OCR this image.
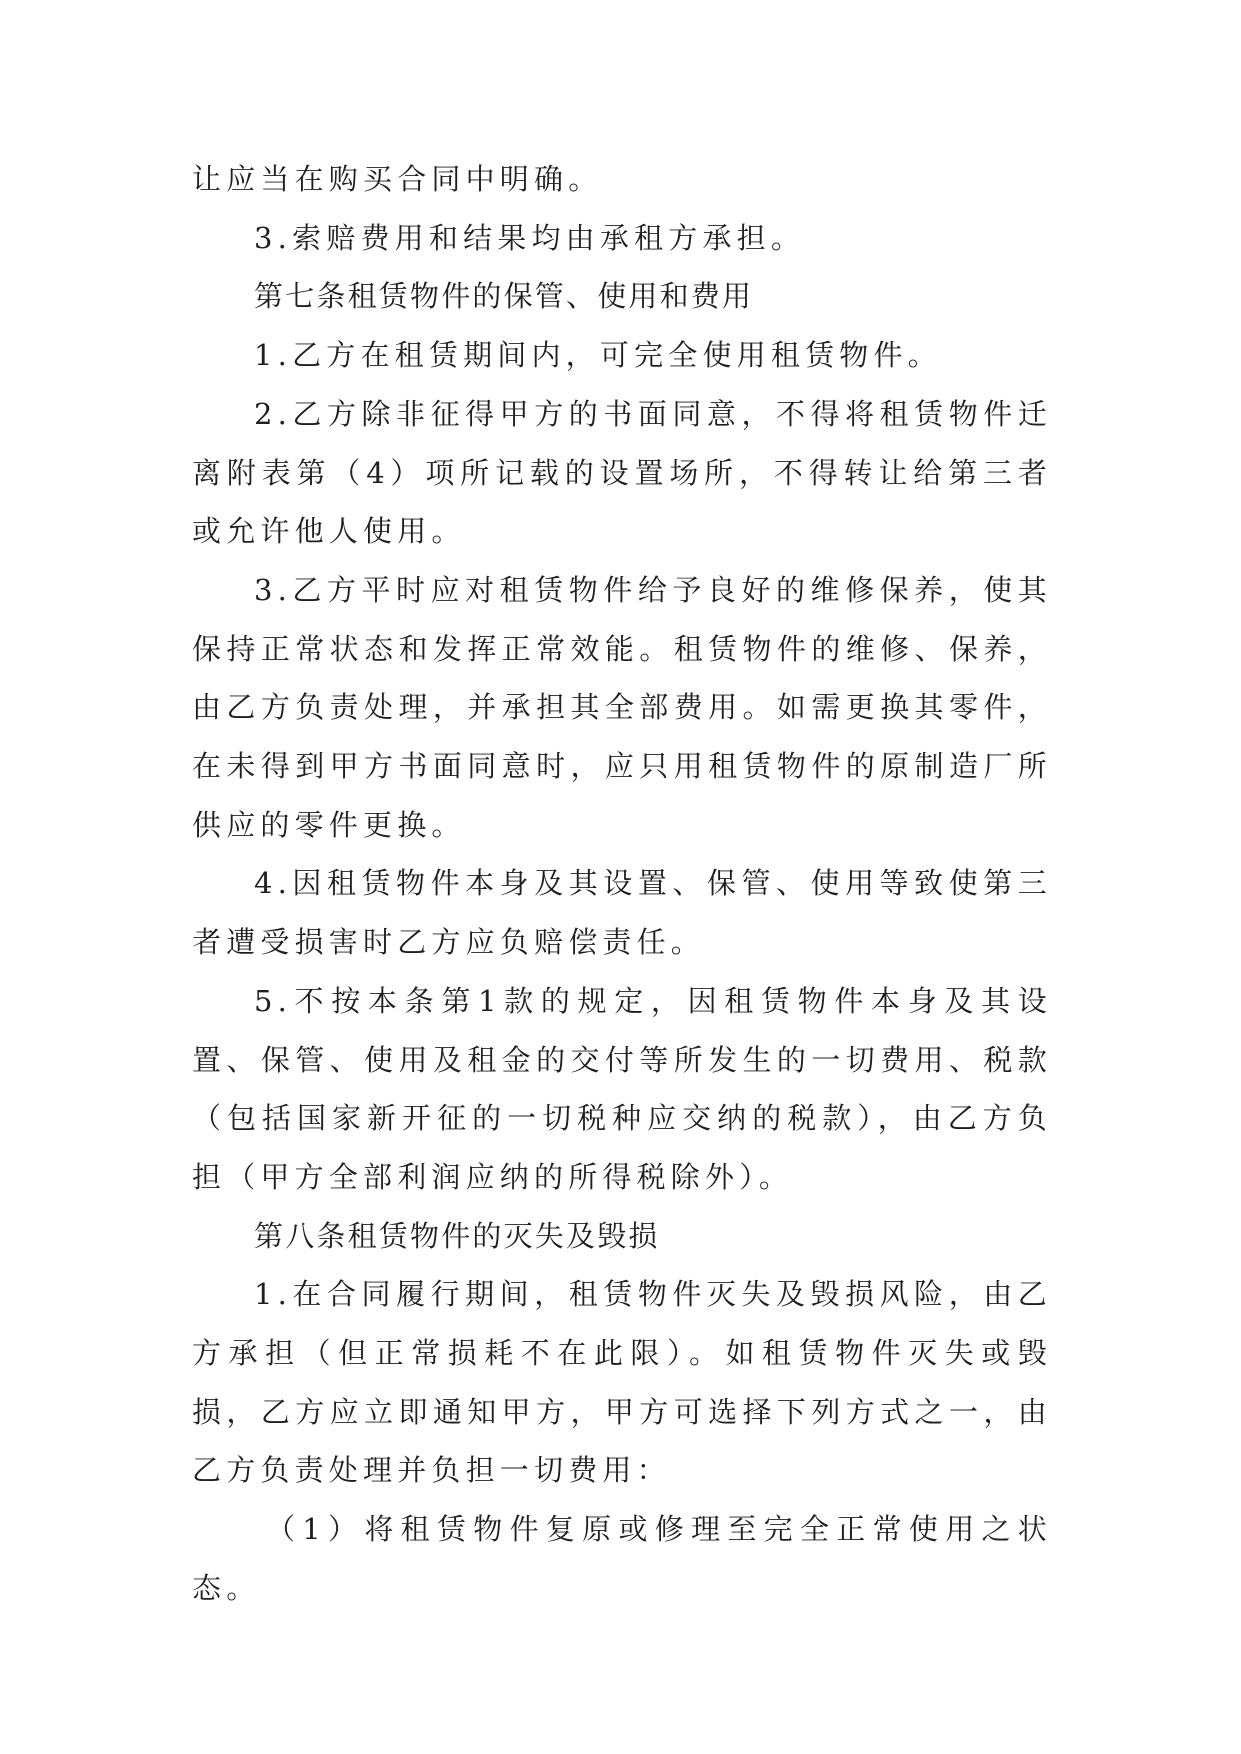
让应当在购买合同中明确。

3.索赔费用和结果均由承租方承担。

第七条租赁物件的保管、使用和费用

1.乙方在租赁期间内，可完全使用租赁物件。

2.乙方除非征得甲方的书面同意，不得将租赁物件迁离附表第（4）项所记载的设置场所，不得转让给第三者或允许他人使用。

3.乙方平时应对租赁物件给予良好的维修保养，使其保持正常状态和发挥正常效能。租赁物件的维修、保养，由乙方负责处理，并承担其全部费用。如需更换其零件，在未得到甲方书面同意时，应只用租赁物件的原制造厂所供应的零件更换。

4.因租赁物件本身及其设置、保管、使用等致使第三者遭受损害时乙方应负赔偿责任。

5.不按本条第1款的规定，因租赁物件本身及其设置、保管、使用及租金的交付等所发生的一切费用、税款（包括国家新开征的一切税种应交纳的税款），由乙方负担（甲方全部利润应纳的所得税除外）。

第八条租赁物件的灭失及毁损

1.在合同履行期间，租赁物件灭失及毁损风险，由乙方承担（但正常损耗不在此限）。如租赁物件灭失或毁损，乙方应立即通知甲方，甲方可选择下列方式之一，由乙方负责处理并负担一切费用：

（1）将租赁物件复原或修理至完全正常使用之状态。
